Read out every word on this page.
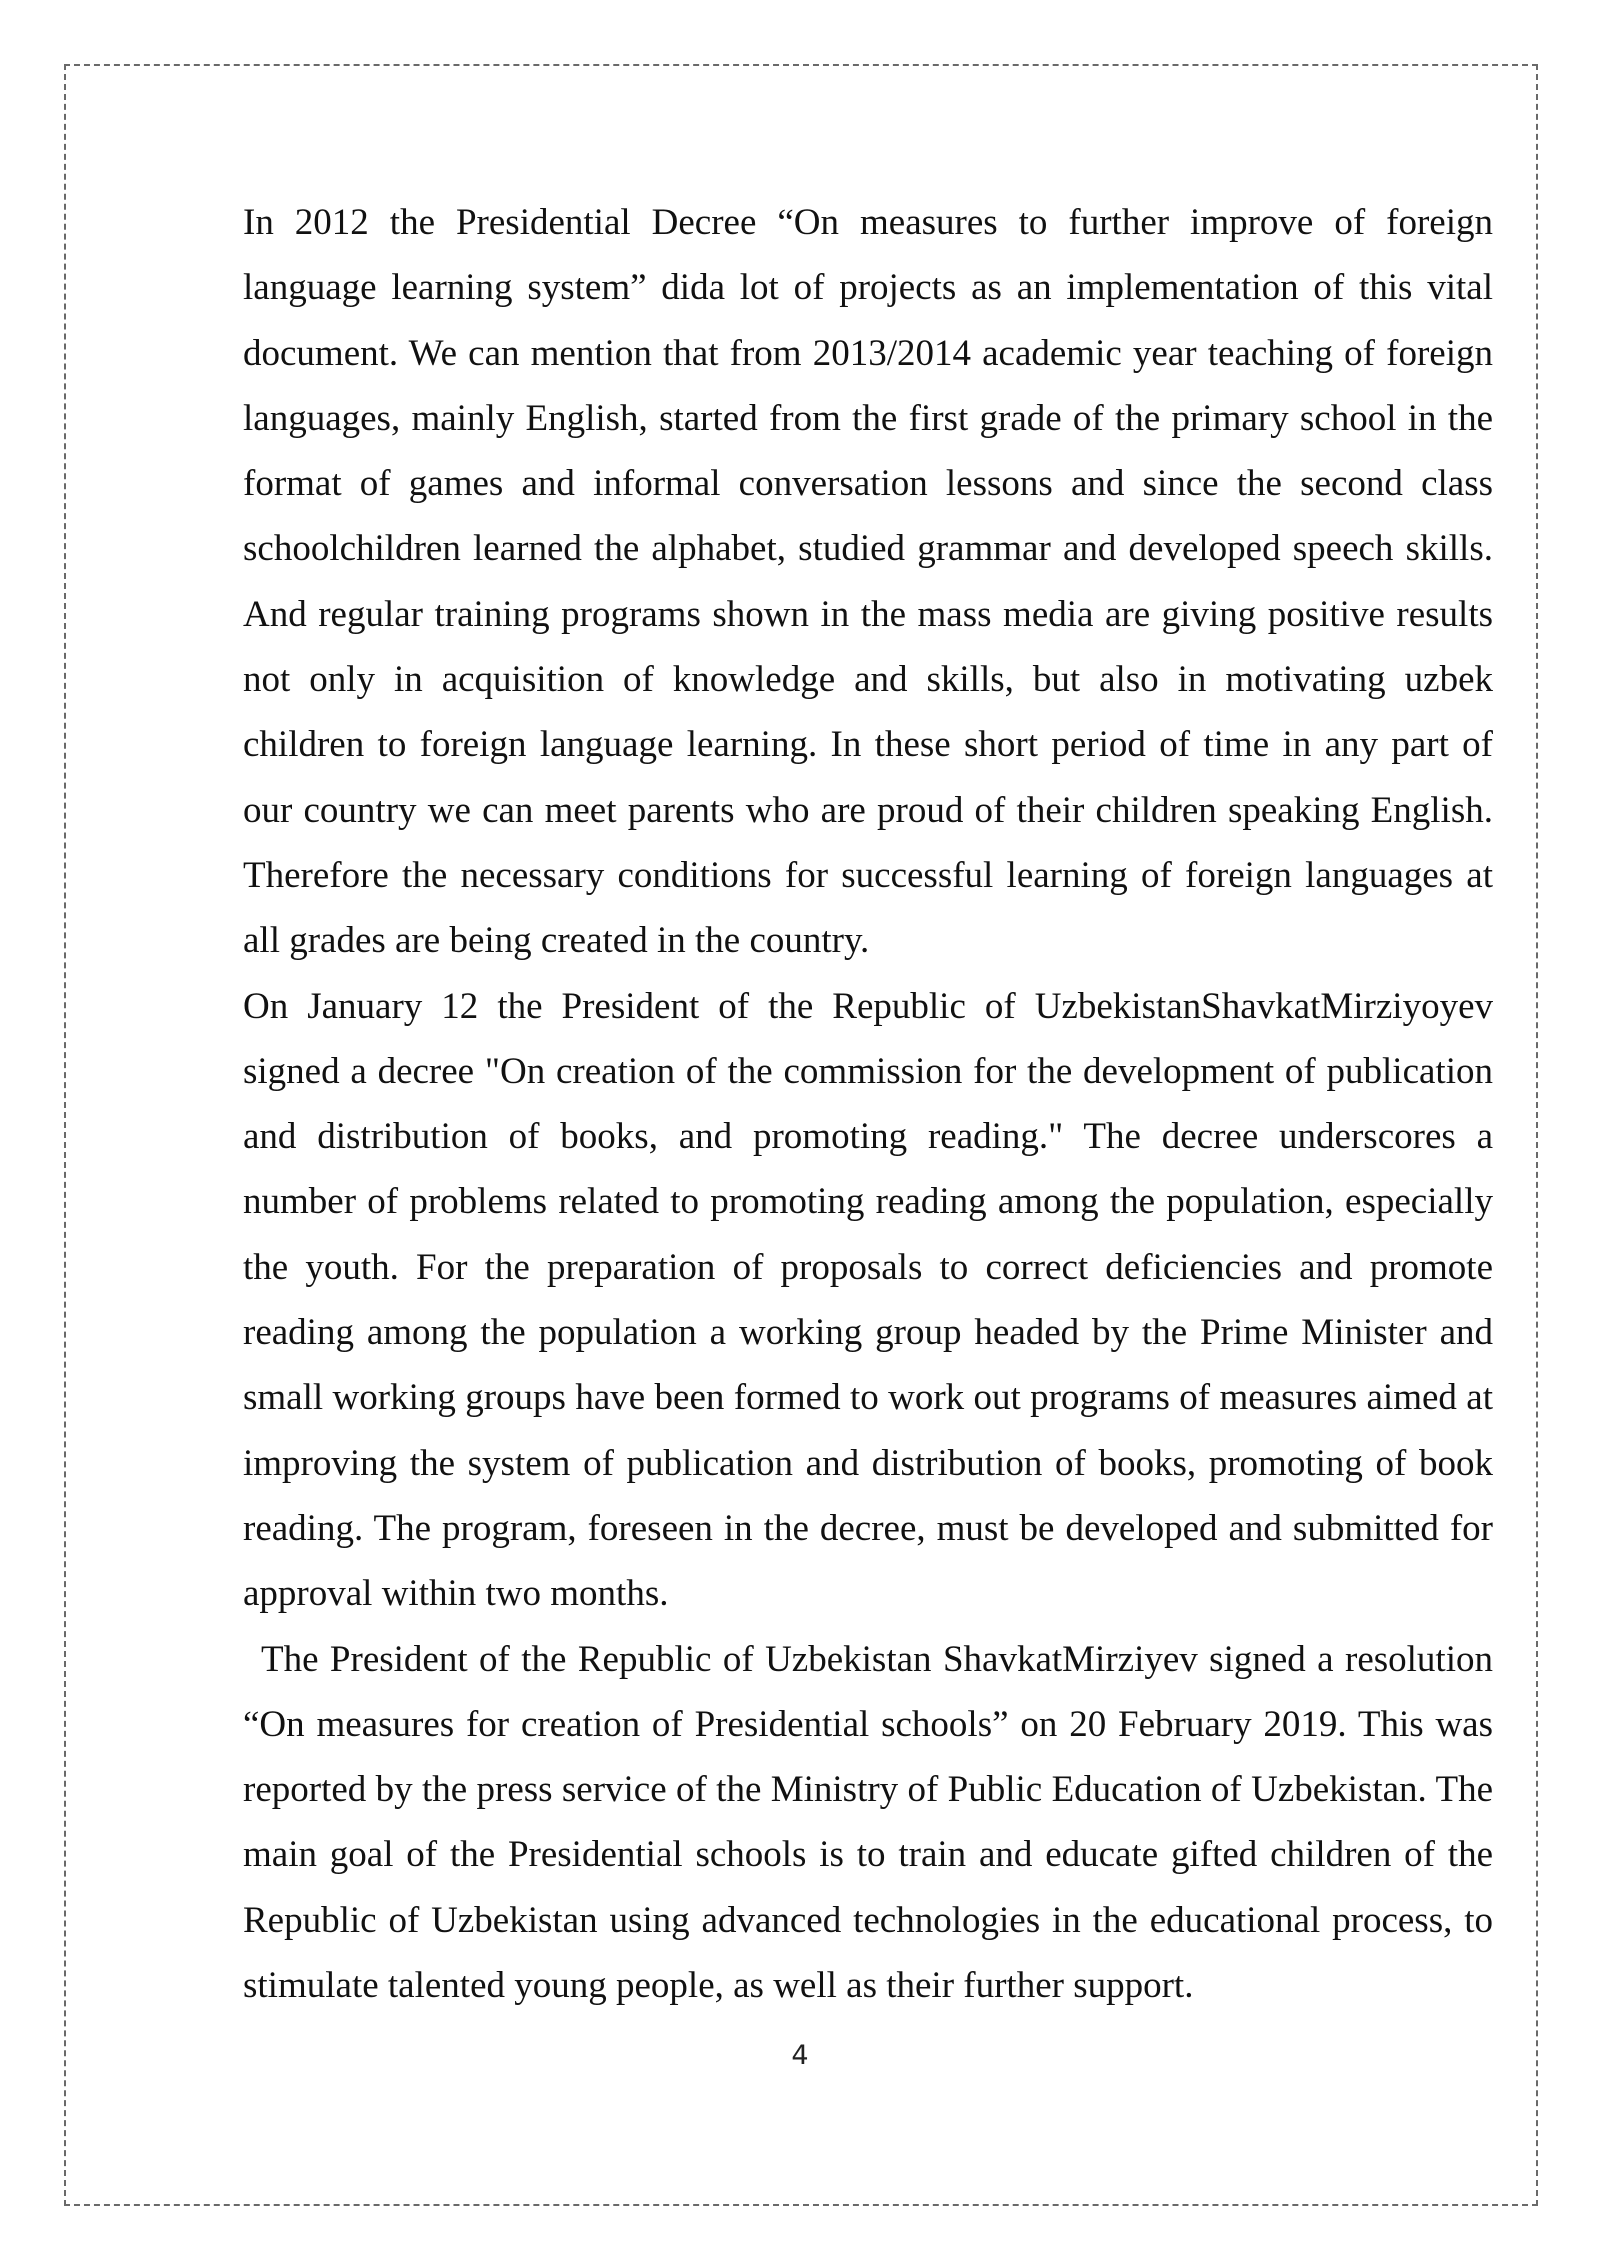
In 2012 the Presidential Decree “On measures to further improve of foreign language learning system” dida lot of projects as an implementation of this vital document. We can mention that from 2013/2014 academic year teaching of foreign languages, mainly English, started from the first grade of the primary school in the format of games and informal conversation lessons and since the second class schoolchildren learned the alphabet, studied grammar and developed speech skills. And regular training programs shown in the mass media are giving positive results not only in acquisition of knowledge and skills, but also in motivating uzbek children to foreign language learning. In these short period of time in any part of our country we can meet parents who are proud of their children speaking English. Therefore the necessary conditions for successful learning of foreign languages at all grades are being created in the country.

On January 12 the President of the Republic of UzbekistanShavkatMirziyoyev signed a decree "On creation of the commission for the development of publication and distribution of books, and promoting reading." The decree underscores a number of problems related to promoting reading among the population, especially the youth. For the preparation of proposals to correct deficiencies and promote reading among the population a working group headed by the Prime Minister and small working groups have been formed to work out programs of measures aimed at improving the system of publication and distribution of books, promoting of book reading. The program, foreseen in the decree, must be developed and submitted for approval within two months.

The President of the Republic of Uzbekistan ShavkatMirziyev signed a resolution “On measures for creation of Presidential schools” on 20 February 2019. This was reported by the press service of the Ministry of Public Education of Uzbekistan. The main goal of the Presidential schools is to train and educate gifted children of the Republic of Uzbekistan using advanced technologies in the educational process, to stimulate talented young people, as well as their further support.

4
